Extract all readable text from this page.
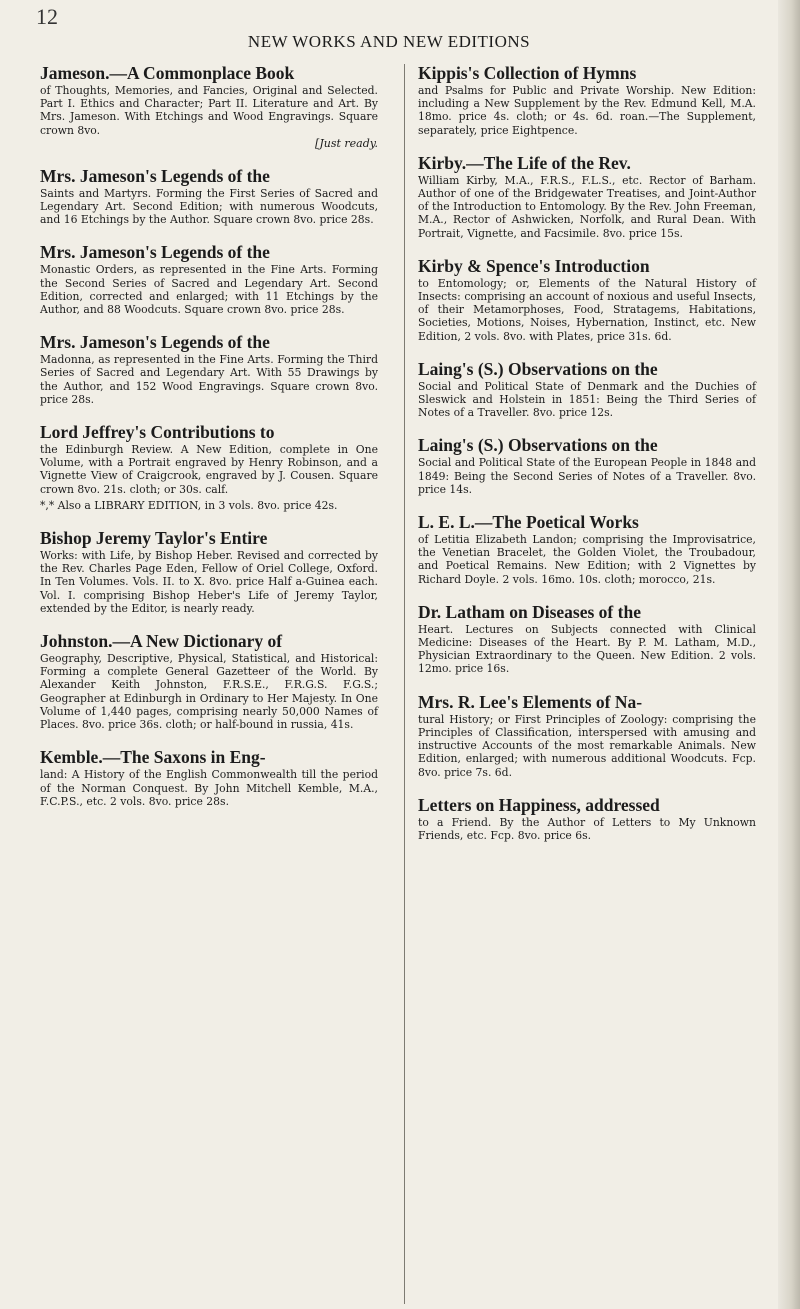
12
NEW WORKS AND NEW EDITIONS

Jameson.—A Commonplace Book

of Thoughts, Memories, and Fancies, Original and Selected. Part I. Ethics and Character; Part II. Literature and Art. By Mrs. Jameson. With Etchings and Wood Engravings. Square crown 8vo.

[Just ready.

Mrs. Jameson's Legends of the

Saints and Martyrs. Forming the First Series of Sacred and Legendary Art. Second Edition; with numerous Woodcuts, and 16 Etchings by the Author. Square crown 8vo. price 28s.

Mrs. Jameson's Legends of the

Monastic Orders, as represented in the Fine Arts. Forming the Second Series of Sacred and Legendary Art. Second Edition, corrected and enlarged; with 11 Etchings by the Author, and 88 Woodcuts. Square crown 8vo. price 28s.

Mrs. Jameson's Legends of the

Madonna, as represented in the Fine Arts. Forming the Third Series of Sacred and Legendary Art. With 55 Drawings by the Author, and 152 Wood Engravings. Square crown 8vo. price 28s.

Lord Jeffrey's Contributions to

the Edinburgh Review. A New Edition, complete in One Volume, with a Portrait engraved by Henry Robinson, and a Vignette View of Craigcrook, engraved by J. Cousen. Square crown 8vo. 21s. cloth; or 30s. calf.

*,* Also a LIBRARY EDITION, in 3 vols. 8vo. price 42s.

Bishop Jeremy Taylor's Entire

Works: with Life, by Bishop Heber. Revised and corrected by the Rev. Charles Page Eden, Fellow of Oriel College, Oxford. In Ten Volumes. Vols. II. to X. 8vo. price Half a-Guinea each. Vol. I. comprising Bishop Heber's Life of Jeremy Taylor, extended by the Editor, is nearly ready.

Johnston.—A New Dictionary of

Geography, Descriptive, Physical, Statistical, and Historical: Forming a complete General Gazetteer of the World. By Alexander Keith Johnston, F.R.S.E., F.R.G.S. F.G.S.; Geographer at Edinburgh in Ordinary to Her Majesty. In One Volume of 1,440 pages, comprising nearly 50,000 Names of Places. 8vo. price 36s. cloth; or half-bound in russia, 41s.

Kemble.—The Saxons in Eng-

land: A History of the English Commonwealth till the period of the Norman Conquest. By John Mitchell Kemble, M.A., F.C.P.S., etc. 2 vols. 8vo. price 28s.

Kippis's Collection of Hymns

and Psalms for Public and Private Worship. New Edition: including a New Supplement by the Rev. Edmund Kell, M.A. 18mo. price 4s. cloth; or 4s. 6d. roan.—The Supplement, separately, price Eightpence.

Kirby.—The Life of the Rev.

William Kirby, M.A., F.R.S., F.L.S., etc. Rector of Barham. Author of one of the Bridgewater Treatises, and Joint-Author of the Introduction to Entomology. By the Rev. John Freeman, M.A., Rector of Ashwicken, Norfolk, and Rural Dean. With Portrait, Vignette, and Facsimile. 8vo. price 15s.

Kirby & Spence's Introduction

to Entomology; or, Elements of the Natural History of Insects: comprising an account of noxious and useful Insects, of their Metamorphoses, Food, Stratagems, Habitations, Societies, Motions, Noises, Hybernation, Instinct, etc. New Edition, 2 vols. 8vo. with Plates, price 31s. 6d.

Laing's (S.) Observations on the

Social and Political State of Denmark and the Duchies of Sleswick and Holstein in 1851: Being the Third Series of Notes of a Traveller. 8vo. price 12s.

Laing's (S.) Observations on the

Social and Political State of the European People in 1848 and 1849: Being the Second Series of Notes of a Traveller. 8vo. price 14s.

L. E. L.—The Poetical Works

of Letitia Elizabeth Landon; comprising the Improvisatrice, the Venetian Bracelet, the Golden Violet, the Troubadour, and Poetical Remains. New Edition; with 2 Vignettes by Richard Doyle. 2 vols. 16mo. 10s. cloth; morocco, 21s.

Dr. Latham on Diseases of the

Heart. Lectures on Subjects connected with Clinical Medicine: Diseases of the Heart. By P. M. Latham, M.D., Physician Extraordinary to the Queen. New Edition. 2 vols. 12mo. price 16s.

Mrs. R. Lee's Elements of Na-

tural History; or First Principles of Zoology: comprising the Principles of Classification, interspersed with amusing and instructive Accounts of the most remarkable Animals. New Edition, enlarged; with numerous additional Woodcuts. Fcp. 8vo. price 7s. 6d.

Letters on Happiness, addressed

to a Friend. By the Author of Letters to My Unknown Friends, etc. Fcp. 8vo. price 6s.
